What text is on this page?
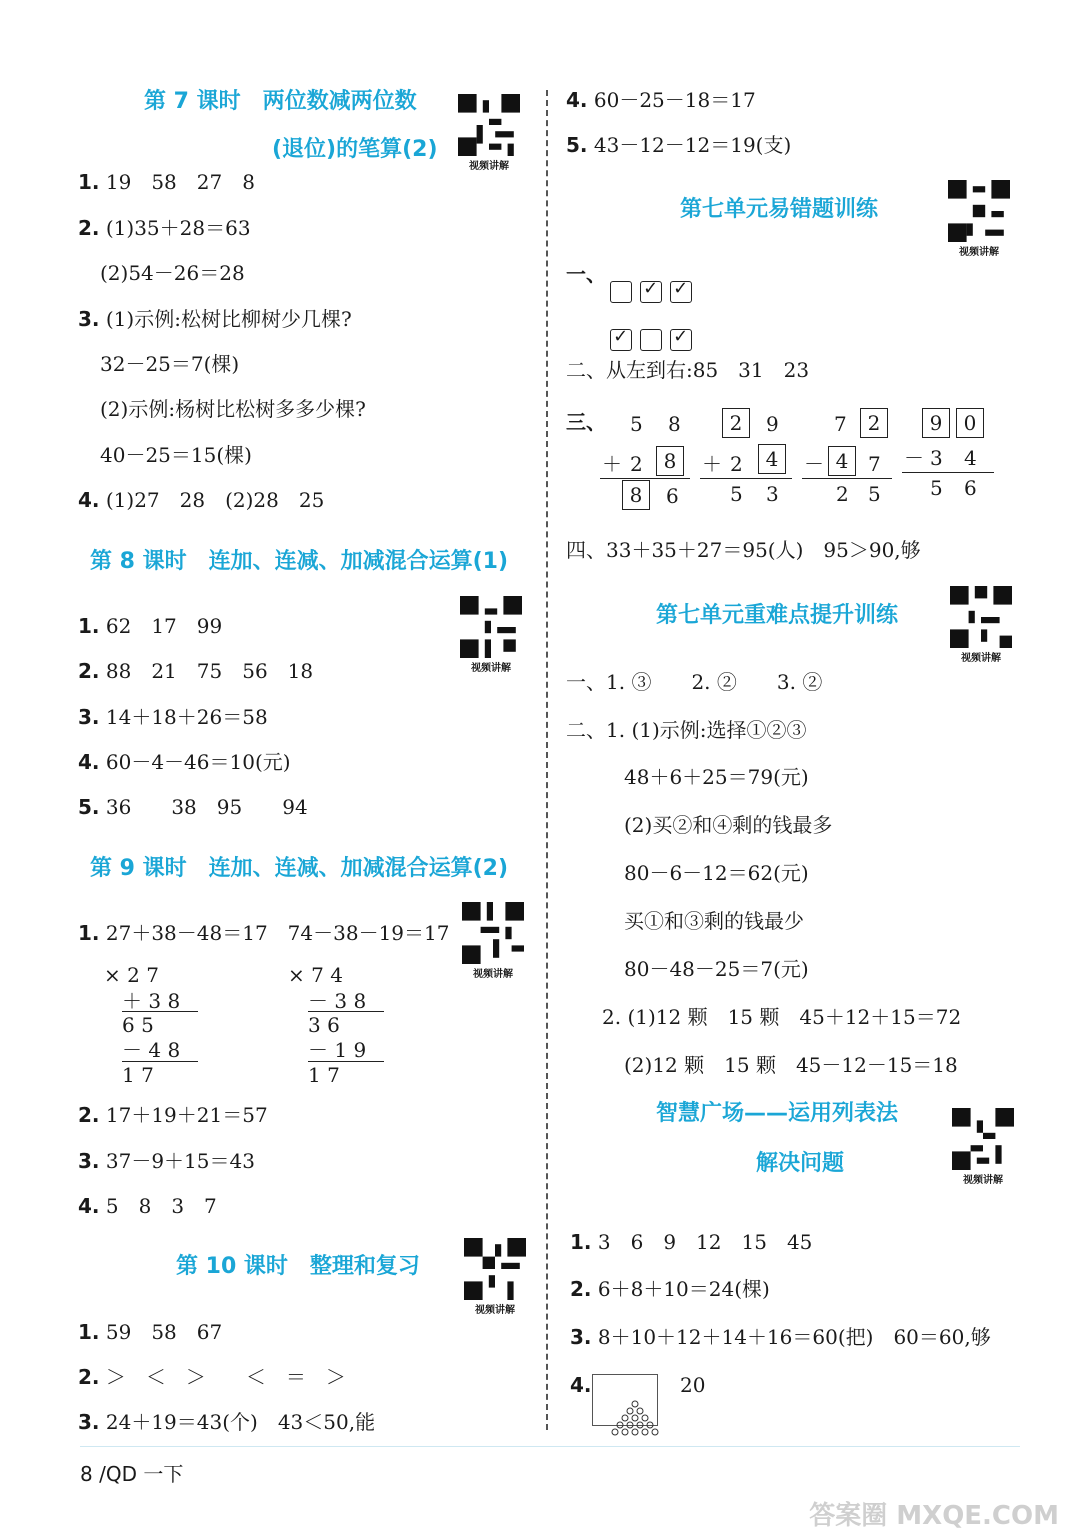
第 7 课时　两位数减两位数
(退位)的笔算(2)
视频讲解
1. 19　58　27　8
2. (1)35＋28＝63
(2)54－26＝28
3. (1)示例:松树比柳树少几棵?
32－25＝7(棵)
(2)示例:杨树比松树多多少棵?
40－25＝15(棵)
4. (1)27　28　(2)28　25
第 8 课时　连加、连减、加减混合运算(1)
视频讲解
1. 62　17　99
2. 88　21　75　56　18
3. 14＋18＋26＝58
4. 60－4－46＝10(元)
5. 36　　38　95　　94
第 9 课时　连加、连减、加减混合运算(2)
视频讲解
1. 27＋38－48＝17　74－38－19＝17
× 2 7
＋ 3 8
6 5
－ 4 8
1 7
× 7 4
－ 3 8
3 6
－ 1 9
1 7
2. 17＋19＋21＝57
3. 37－9＋15＝43
4. 5　8　3　7
第 10 课时　整理和复习
视频讲解
1. 59　58　67
2. ＞　＜　＞　　＜　＝　＞
3. 24＋19＝43(个)　43＜50,能
8 /QD 一下
4. 60－25－18＝17
5. 43－12－12＝19(支)
第七单元易错题训练
视频讲解
一、

✓ ✓

✓ ✓

二、从左到右:85　31　23
三、 5 8
＋ 2	8
8	6
2	9
＋ 2	4
5 3
7	2
－ 4 7
2 5
9	0
－ 3 4
5 6
四、33＋35＋27＝95(人)　95＞90,够
第七单元重难点提升训练
视频讲解
一、1. ③　　2. ②　　3. ②
二、1. (1)示例:选择①②③
48＋6＋25＝79(元)
(2)买②和④剩的钱最多
80－6－12＝62(元)
买①和③剩的钱最少
80－48－25＝7(元)
2. (1)12 颗　15 颗　45＋12＋15＝72
(2)12 颗　15 颗　45－12－15＝18
智慧广场——运用列表法
解决问题
视频讲解
1. 3　6　9　12　15　45
2. 6＋8＋10＝24(棵)
3. 8＋10＋12＋14＋16＝60(把)　60＝60,够
4.

	20
答案圈 MXQE.COM
